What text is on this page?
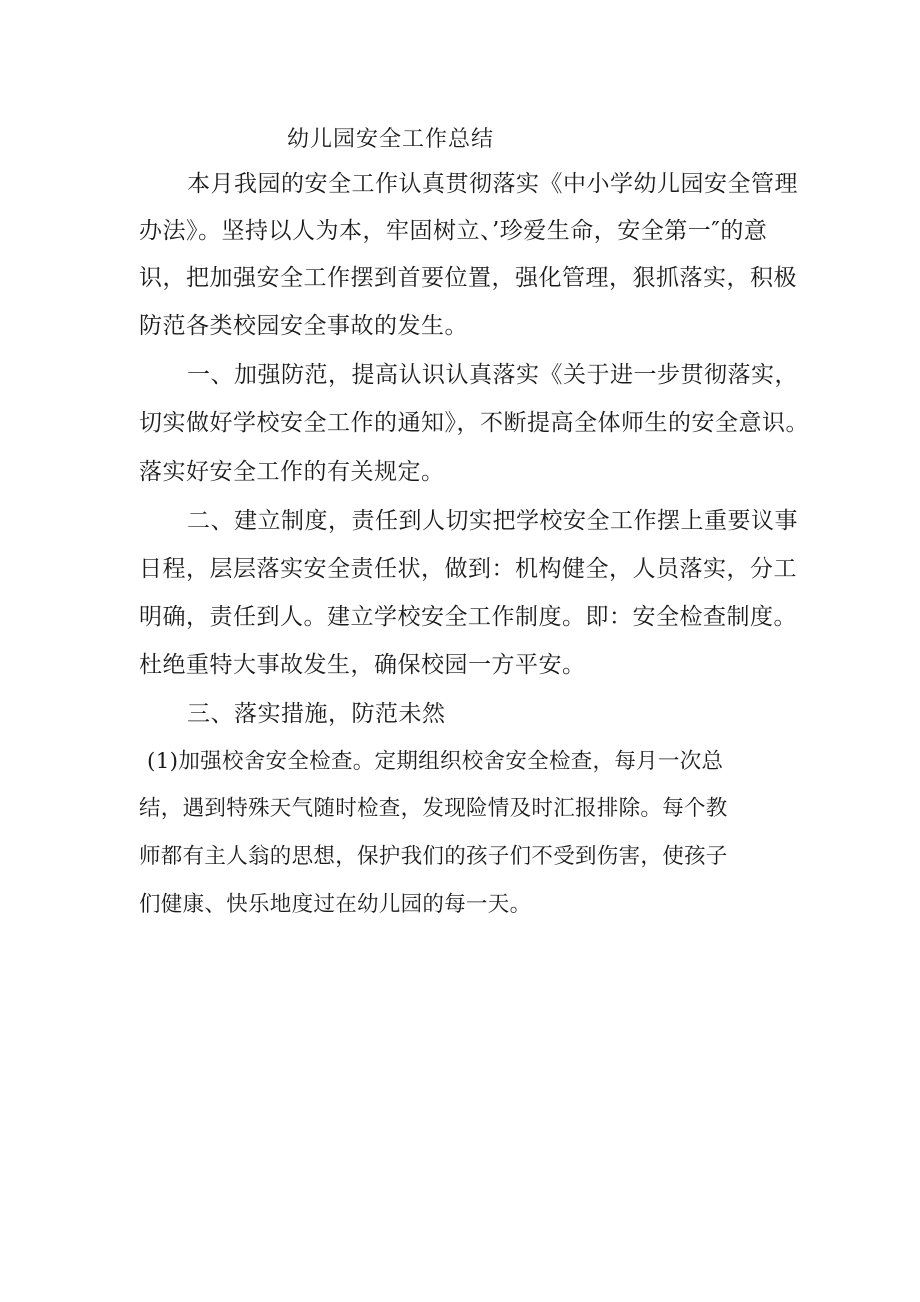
幼儿园安全工作总结
本月我园的安全工作认真贯彻落实《中小学幼儿园安全管理
办法》。坚持以人为本，牢固树立、’珍爱生命，安全第一″的意
识，把加强安全工作摆到首要位置，强化管理，狠抓落实，积极
防范各类校园安全事故的发生。
一、加强防范，提高认识认真落实《关于进一步贯彻落实，
切实做好学校安全工作的通知》，不断提高全体师生的安全意识。
落实好安全工作的有关规定。
二、建立制度，责任到人切实把学校安全工作摆上重要议事
日程，层层落实安全责任状，做到：机构健全，人员落实，分工
明确，责任到人。建立学校安全工作制度。即：安全检查制度。
杜绝重特大事故发生，确保校园一方平安。
三、落实措施，防范未然
(1)加强校舍安全检查。定期组织校舍安全检查，每月一次总
结，遇到特殊天气随时检查，发现险情及时汇报排除。每个教
师都有主人翁的思想，保护我们的孩子们不受到伤害，使孩子
们健康、快乐地度过在幼儿园的每一天。
